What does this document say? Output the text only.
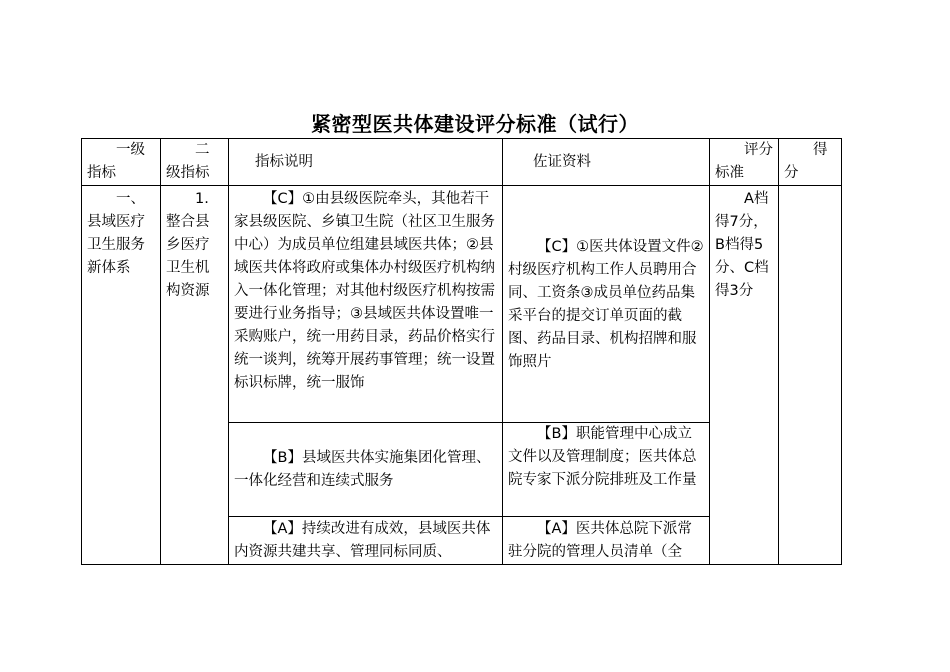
紧密型医共体建设评分标准（试行）
一级指标	二级指标	指标说明	佐证资料	评分标准	得分
一、县域医疗卫生服务新体系	1.整合县乡医疗卫生机构资源	【C】①由县级医院牵头，其他若干家县级医院、乡镇卫生院（社区卫生服务中心）为成员单位组建县域医共体；②县域医共体将政府或集体办村级医疗机构纳入一体化管理；对其他村级医疗机构按需要进行业务指导；③县域医共体设置唯一采购账户，统一用药目录，药品价格实行统一谈判，统筹开展药事管理；统一设置标识标牌，统一服饰	【C】①医共体设置文件②村级医疗机构工作人员聘用合同、工资条③成员单位药品集采平台的提交订单页面的截图、药品目录、机构招牌和服饰照片	A档得7分，B档得5分、C档得3分	
		【B】县域医共体实施集团化管理、一体化经营和连续式服务	【B】职能管理中心成立文件以及管理制度；医共体总院专家下派分院排班及工作量		

		【A】持续改进有成效，县域医共体内资源共建共享、管理同标同质、	【A】医共体总院下派常驻分院的管理人员清单（全		
